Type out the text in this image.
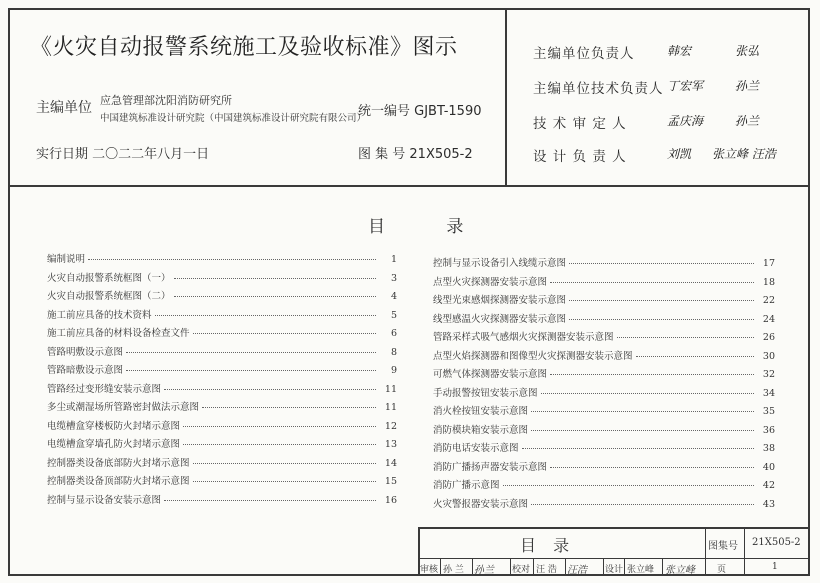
《火灾自动报警系统施工及验收标准》图示
主编单位 应急管理部沈阳消防研究所
中国建筑标准设计研究院（中国建筑标准设计研究院有限公司）
统一编号 GJBT-1590
实行日期 二〇二二年八月一日	图 集 号 21X505-2
主编单位负责人	韩宏	张弘
主编单位技术负责人 丁宏军	孙兰
技 术 审 定 人	孟庆海	孙兰
设 计 负 责 人	刘凯 张立峰 汪浩
目 录
编制说明	1
火灾自动报警系统框图（一）	3
火灾自动报警系统框图（二）	4
施工前应具备的技术资料	5
施工前应具备的材料设备检查文件	6
管路明敷设示意图	8
管路暗敷设示意图	9
管路经过变形缝安装示意图	11
多尘或潮湿场所管路密封做法示意图	11
电缆槽盒穿楼板防火封堵示意图	12
电缆槽盒穿墙孔防火封堵示意图	13
控制器类设备底部防火封堵示意图	14
控制器类设备顶部防火封堵示意图	15
控制与显示设备安装示意图	16
控制与显示设备引入线缆示意图	17
点型火灾探测器安装示意图	18
线型光束感烟探测器安装示意图	22
线型感温火灾探测器安装示意图	24
管路采样式吸气感烟火灾探测器安装示意图	26
点型火焰探测器和图像型火灾探测器安装示意图	30
可燃气体探测器安装示意图	32
手动报警按钮安装示意图	34
消火栓按钮安装示意图	35
消防模块箱安装示意图	36
消防电话安装示意图	38
消防广播扬声器安装示意图	40
消防广播示意图	42
火灾警报器安装示意图	43
目 录	图集号 21X505-2
审核 孙 兰 孙兰 校对 汪 浩 汪浩 设计 张立峰 张立峰 页	1
